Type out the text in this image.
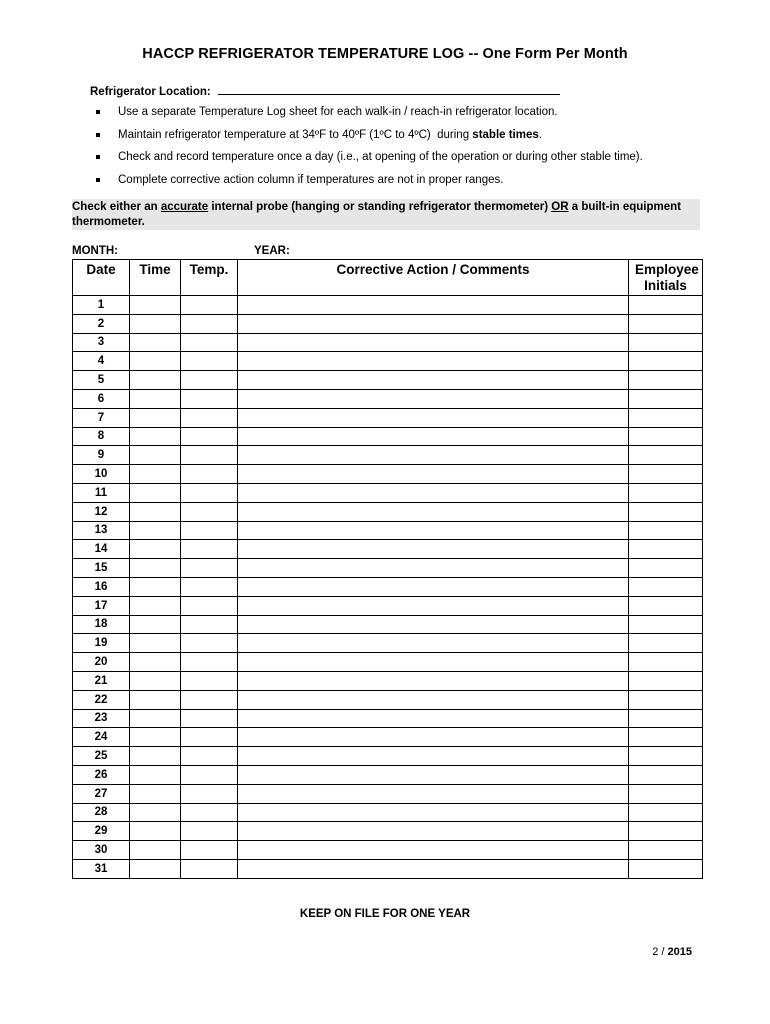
HACCP REFRIGERATOR TEMPERATURE LOG -- One Form Per Month
Refrigerator Location:
Use a separate Temperature Log sheet for each walk-in / reach-in refrigerator location.
Maintain refrigerator temperature at 34ºF to 40ºF (1ºC to 4ºC)  during stable times.
Check and record temperature once a day (i.e., at opening of the operation or during other stable time).
Complete corrective action column if temperatures are not in proper ranges.
Check either an accurate internal probe (hanging or standing refrigerator thermometer) OR a built-in equipment thermometer.
MONTH:	YEAR:
Date	Time	Temp.	Corrective Action / Comments	Employee Initials
1				
2				
3				
4				
5				
6				
7				
8				
9				
10				
11				
12				
13				
14				
15				
16				
17				
18				
19				
20				
21				
22				
23				
24				
25				
26				
27				
28				
29				
30				
31				
KEEP ON FILE FOR ONE YEAR
2 / 2015
